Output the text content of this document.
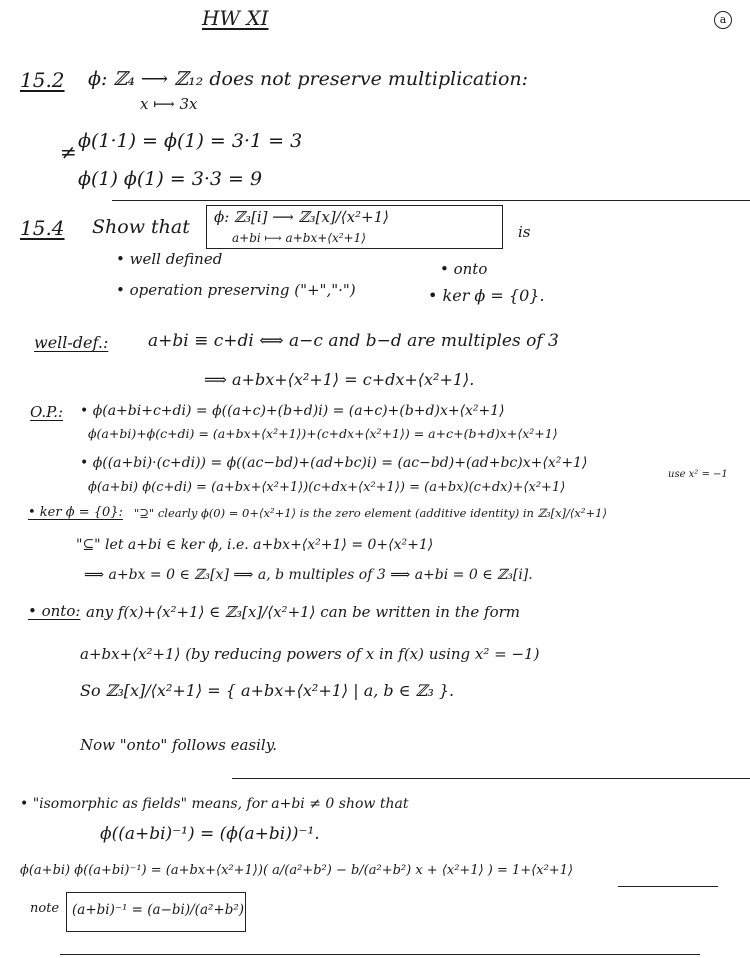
HW XI	a
15.2 ϕ: ℤ₄ ⟶ ℤ₁₂ does not preserve multiplication:
x ⟼ 3x
≠ ϕ(1·1) = ϕ(1) = 3·1 = 3
ϕ(1) ϕ(1) = 3·3 = 9
15.4 Show that ϕ: ℤ₃[i] ⟶ ℤ₃[x]/⟨x²+1⟩
a+bi ⟼ a+bx+⟨x²+1⟩	is
• well defined
• onto
• operation preserving ("+","·")	• ker ϕ = {0}.
well-def.: a+bi ≡ c+di ⟺ a−c and b−d are multiples of 3
⟹ a+bx+⟨x²+1⟩ = c+dx+⟨x²+1⟩.
O.P.: • ϕ(a+bi+c+di) = ϕ((a+c)+(b+d)i) = (a+c)+(b+d)x+⟨x²+1⟩
ϕ(a+bi)+ϕ(c+di) = (a+bx+⟨x²+1⟩)+(c+dx+⟨x²+1⟩) = a+c+(b+d)x+⟨x²+1⟩
• ϕ((a+bi)·(c+di)) = ϕ((ac−bd)+(ad+bc)i) = (ac−bd)+(ad+bc)x+⟨x²+1⟩
ϕ(a+bi) ϕ(c+di) = (a+bx+⟨x²+1⟩)(c+dx+⟨x²+1⟩) = (a+bx)(c+dx)+⟨x²+1⟩
use x² = −1
• ker ϕ = {0}: "⊇" clearly ϕ(0) = 0+⟨x²+1⟩ is the zero element (additive identity) in ℤ₃[x]/⟨x²+1⟩
"⊆" let a+bi ∈ ker ϕ, i.e. a+bx+⟨x²+1⟩ = 0+⟨x²+1⟩
⟹ a+bx = 0 ∈ ℤ₃[x] ⟹ a, b multiples of 3 ⟹ a+bi = 0 ∈ ℤ₃[i].
• onto: any f(x)+⟨x²+1⟩ ∈ ℤ₃[x]/⟨x²+1⟩ can be written in the form
a+bx+⟨x²+1⟩ (by reducing powers of x in f(x) using x² = −1)
So ℤ₃[x]/⟨x²+1⟩ = { a+bx+⟨x²+1⟩ | a, b ∈ ℤ₃ }.
Now "onto" follows easily.
• "isomorphic as fields" means, for a+bi ≠ 0 show that
ϕ((a+bi)⁻¹) = (ϕ(a+bi))⁻¹.
ϕ(a+bi) ϕ((a+bi)⁻¹) = (a+bx+⟨x²+1⟩)( a/(a²+b²) − b/(a²+b²) x + ⟨x²+1⟩ ) = 1+⟨x²+1⟩
note (a+bi)⁻¹ = (a−bi)/(a²+b²)
